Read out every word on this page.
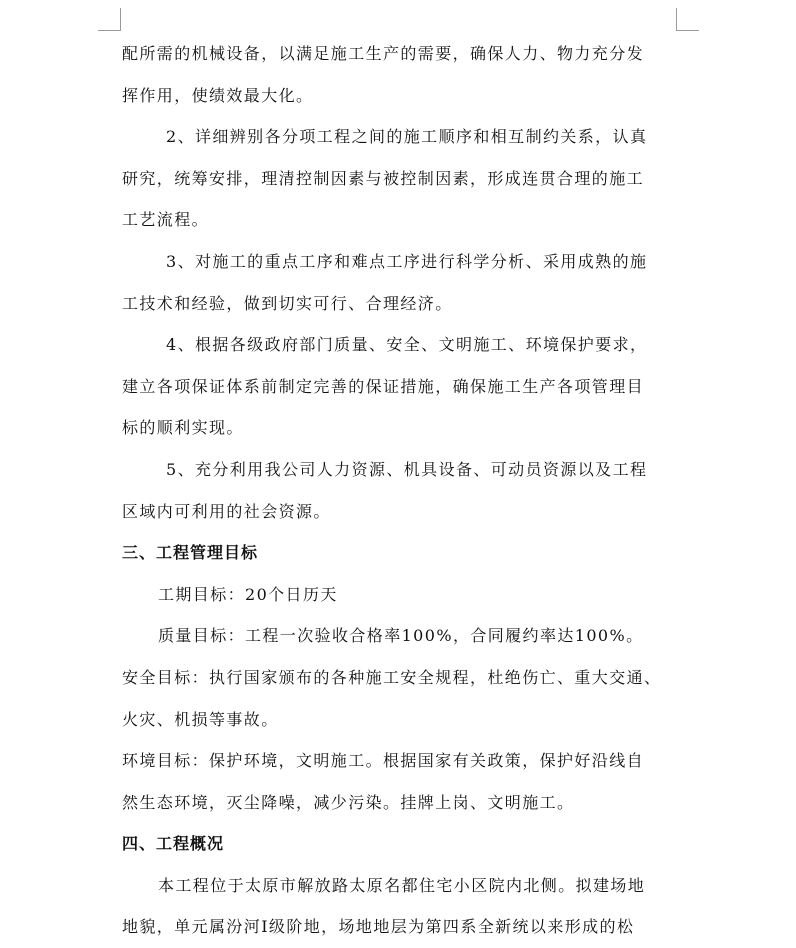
配所需的机械设备，以满足施工生产的需要，确保人力、物力充分发
挥作用，使绩效最大化。
2、详细辨别各分项工程之间的施工顺序和相互制约关系，认真
研究，统筹安排，理清控制因素与被控制因素，形成连贯合理的施工
工艺流程。
3、对施工的重点工序和难点工序进行科学分析、采用成熟的施
工技术和经验，做到切实可行、合理经济。
4、根据各级政府部门质量、安全、文明施工、环境保护要求，
建立各项保证体系前制定完善的保证措施，确保施工生产各项管理目
标的顺利实现。
5、充分利用我公司人力资源、机具设备、可动员资源以及工程
区域内可利用的社会资源。
三、工程管理目标
工期目标：20个日历天
质量目标：工程一次验收合格率100%，合同履约率达100%。
安全目标：执行国家颁布的各种施工安全规程，杜绝伤亡、重大交通、
火灾、机损等事故。
环境目标：保护环境，文明施工。根据国家有关政策，保护好沿线自
然生态环境，灭尘降噪，减少污染。挂牌上岗、文明施工。
四、工程概况
本工程位于太原市解放路太原名都住宅小区院内北侧。拟建场地
地貌，单元属汾河Ⅰ级阶地，场地地层为第四系全新统以来形成的松
